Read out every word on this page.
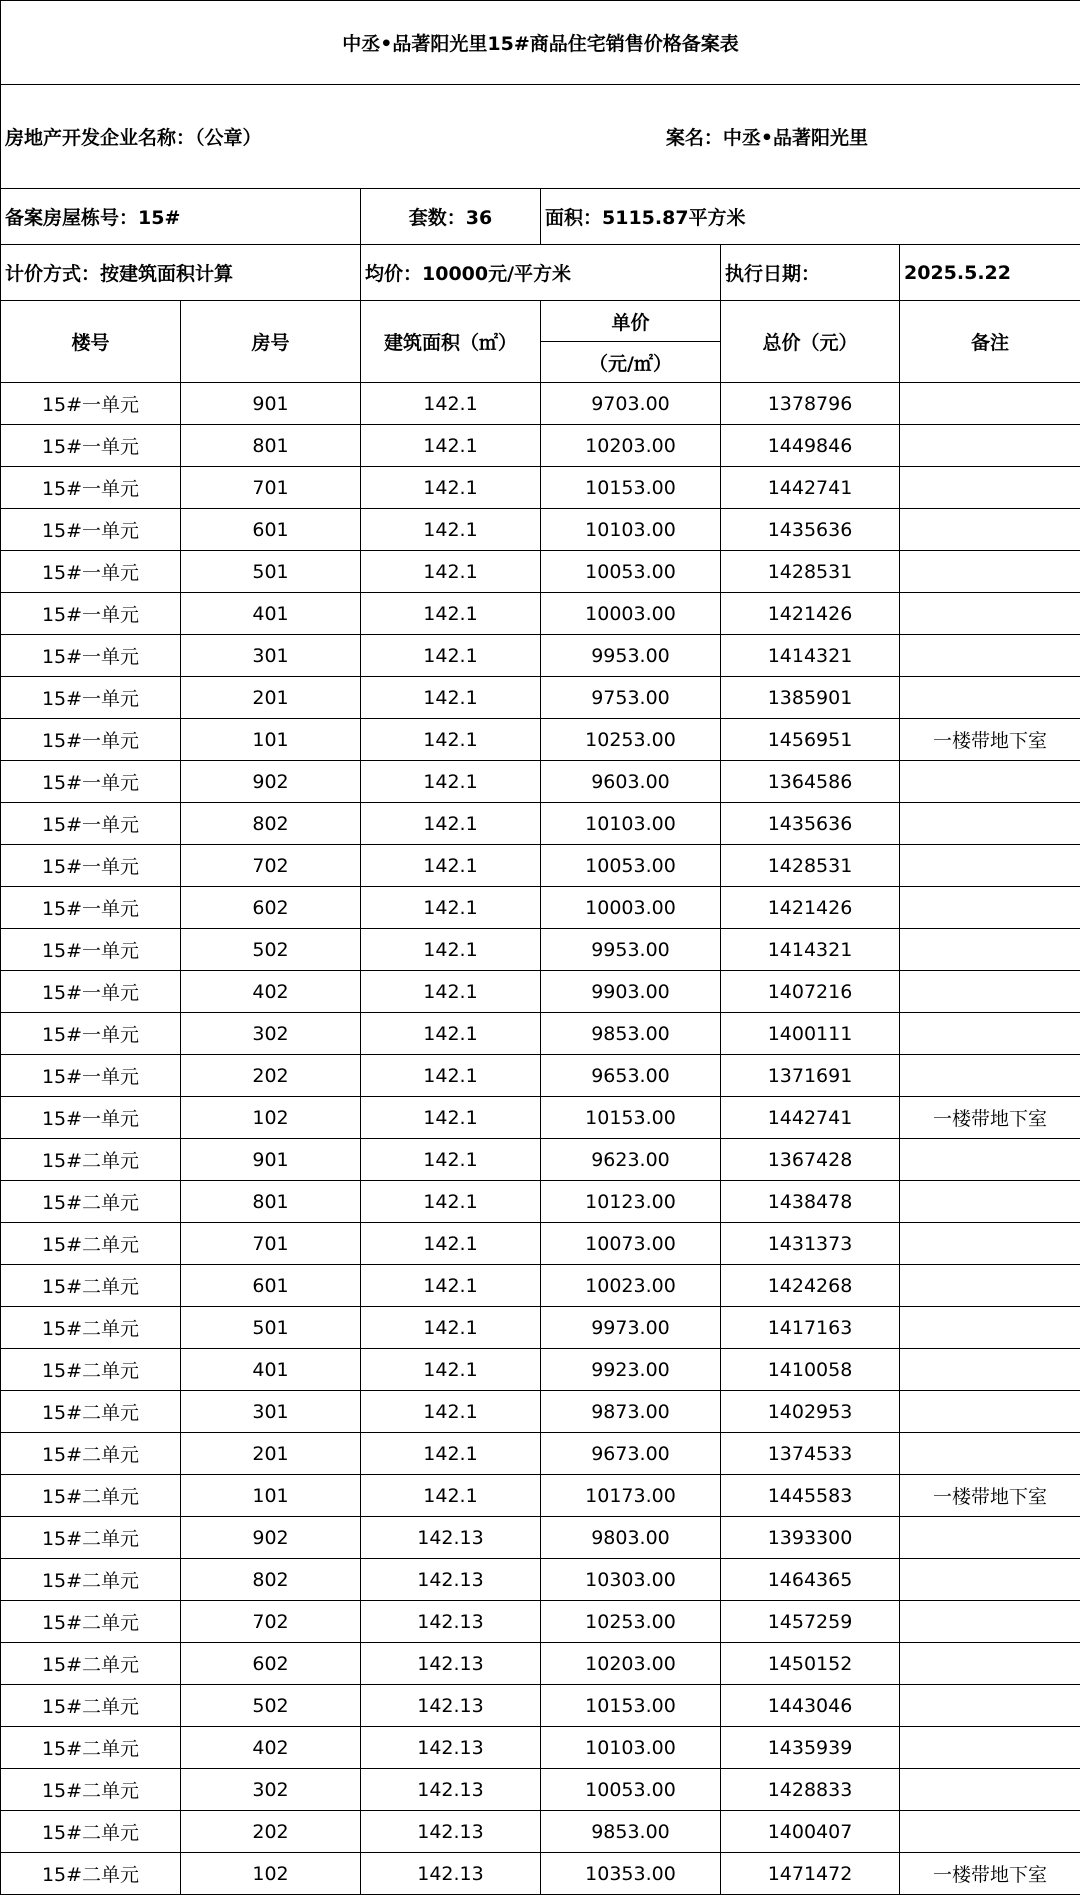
中丞•品著阳光里15#商品住宅销售价格备案表					

房地产开发企业名称：（公章） 案名：中丞•品著阳光里					

备案房屋栋号：15#		套数：36	面积：5115.87平方米		
计价方式：按建筑面积计算		均价：10000元/平方米		执行日期：	2025.5.22
楼号	房号	建筑面积（㎡）	单价	总价（元）	备注
			（元/㎡）		
15#一单元	901	142.1	9703.00	1378796	
15#一单元	801	142.1	10203.00	1449846	
15#一单元	701	142.1	10153.00	1442741	
15#一单元	601	142.1	10103.00	1435636	
15#一单元	501	142.1	10053.00	1428531	
15#一单元	401	142.1	10003.00	1421426	
15#一单元	301	142.1	9953.00	1414321	
15#一单元	201	142.1	9753.00	1385901	
15#一单元	101	142.1	10253.00	1456951	一楼带地下室
15#一单元	902	142.1	9603.00	1364586	
15#一单元	802	142.1	10103.00	1435636	
15#一单元	702	142.1	10053.00	1428531	
15#一单元	602	142.1	10003.00	1421426	
15#一单元	502	142.1	9953.00	1414321	
15#一单元	402	142.1	9903.00	1407216	
15#一单元	302	142.1	9853.00	1400111	
15#一单元	202	142.1	9653.00	1371691	
15#一单元	102	142.1	10153.00	1442741	一楼带地下室
15#二单元	901	142.1	9623.00	1367428	
15#二单元	801	142.1	10123.00	1438478	
15#二单元	701	142.1	10073.00	1431373	
15#二单元	601	142.1	10023.00	1424268	
15#二单元	501	142.1	9973.00	1417163	
15#二单元	401	142.1	9923.00	1410058	
15#二单元	301	142.1	9873.00	1402953	
15#二单元	201	142.1	9673.00	1374533	
15#二单元	101	142.1	10173.00	1445583	一楼带地下室
15#二单元	902	142.13	9803.00	1393300	
15#二单元	802	142.13	10303.00	1464365	
15#二单元	702	142.13	10253.00	1457259	
15#二单元	602	142.13	10203.00	1450152	
15#二单元	502	142.13	10153.00	1443046	
15#二单元	402	142.13	10103.00	1435939	
15#二单元	302	142.13	10053.00	1428833	
15#二单元	202	142.13	9853.00	1400407	
15#二单元	102	142.13	10353.00	1471472	一楼带地下室
